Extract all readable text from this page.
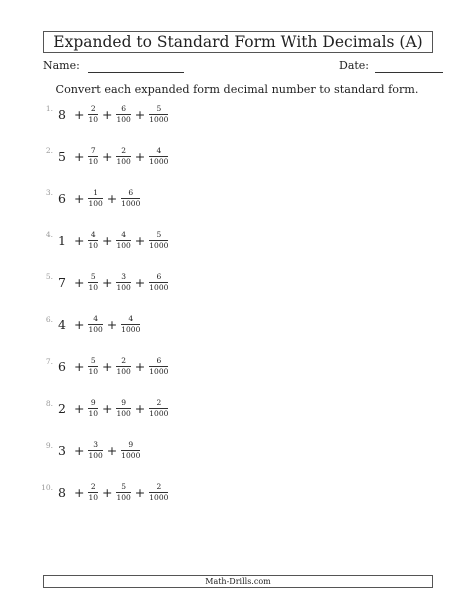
Expanded to Standard Form With Decimals (A)
Name:	Date:
Convert each expanded form decimal number to standard form.
1. $8 + \frac{2}{10} + \frac{6}{100} + \frac{5}{1000}$
2. $5 + \frac{7}{10} + \frac{2}{100} + \frac{4}{1000}$
3. $6 + \frac{1}{100} + \frac{6}{1000}$
4. $1 + \frac{4}{10} + \frac{4}{100} + \frac{5}{1000}$
5. $7 + \frac{5}{10} + \frac{3}{100} + \frac{6}{1000}$
6. $4 + \frac{4}{100} + \frac{4}{1000}$
7. $6 + \frac{5}{10} + \frac{2}{100} + \frac{6}{1000}$
8. $2 + \frac{9}{10} + \frac{9}{100} + \frac{2}{1000}$
9. $3 + \frac{3}{100} + \frac{9}{1000}$
10. $8 + \frac{2}{10} + \frac{5}{100} + \frac{2}{1000}$
Math-Drills.com
